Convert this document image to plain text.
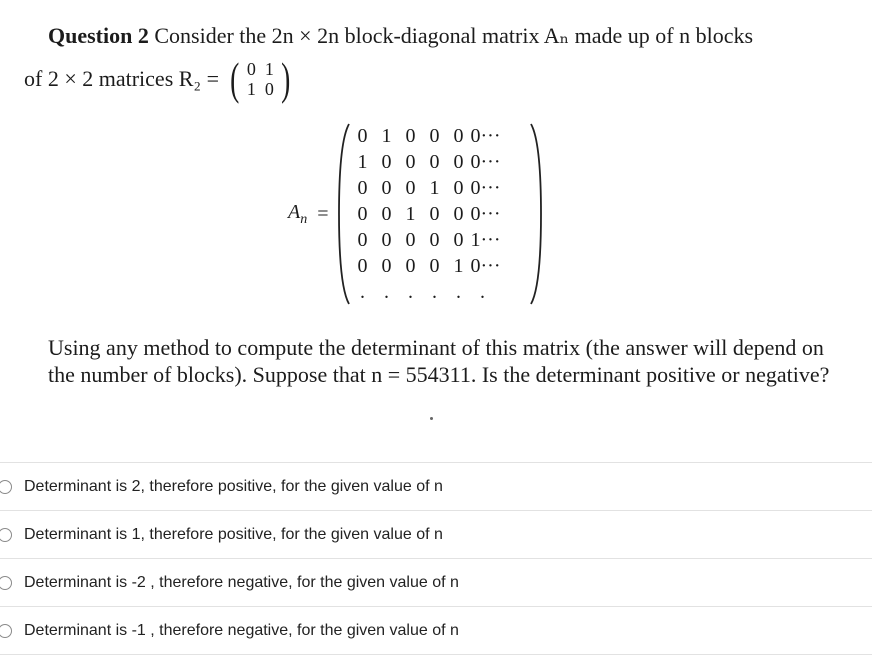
Question 2 Consider the 2n × 2n block-diagonal matrix Aₙ made up of n blocks
of 2 × 2 matrices R₂ = ( 0 1
1 0 )
$A_n$ =
0 1 0 0 0 0···
1 0 0 0 0 0···
0 0 0 1 0 0···
0 0 1 0 0 0···
0 0 0 0 0 1···
0 0 0 0 1 0···
. . . . . .

Using any method to compute the determinant of this matrix (the answer will depend on the number of blocks). Suppose that n = 554311. Is the determinant positive or negative?

Determinant is 2, therefore positive, for the given value of n
Determinant is 1, therefore positive, for the given value of n
Determinant is -2 , therefore negative, for the given value of n
Determinant is -1 , therefore negative, for the given value of n
